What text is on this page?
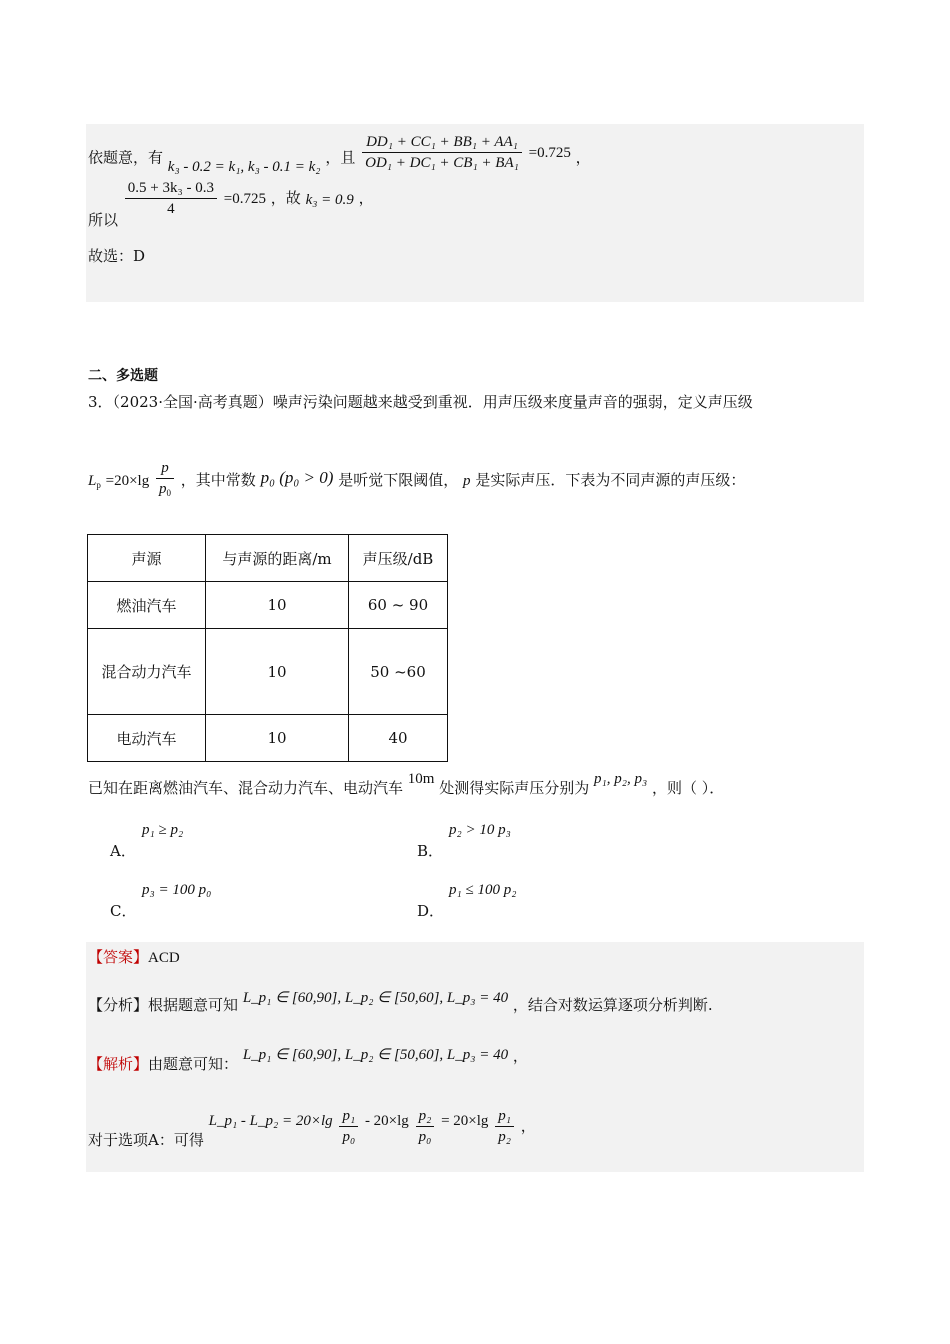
依题意，有 k₃ - 0.2 = k₁, k₃ - 0.1 = k₂ ，且 $\frac{\text{DD₁ + CC₁ + BB₁ + AA₁}}{\text{OD₁ + DC₁ + CB₁ + BA₁}} =0.725$ ，
所以
$\frac{\text{0.5 + 3k₃ - 0.3}}{4} =0.725$ ，故 k₃ = 0.9 ，
故选：D
二、多选题
3．（2023·全国·高考真题）噪声污染问题越来越受到重视．用声压级来度量声音的强弱，定义声压级
$L_p =20\times\lg \frac{p}{p_0}$ ，其中常数 p₀ (p₀ > 0) 是听觉下限阈值， p 是实际声压．下表为不同声源的声压级：
声源	与声源的距离/m	声压级/dB
燃油汽车	10	60 ~ 90
混合动力汽车	10	50 ~60
电动汽车	10	40
已知在距离燃油汽车、混合动力汽车、电动汽车 10m 处测得实际声压分别为 p₁, p₂, p₃ ，则（ ）．
A．
p₁ ≥ p₂
B．
p₂ > 10 p₃
C．
p₃ = 100 p₀
D．
p₁ ≤ 100 p₂
【答案】ACD
【分析】根据题意可知 L_p₁ ∈ [60,90], L_p₂ ∈ [50,60], L_p₃ = 40 ，结合对数运算逐项分析判断.
【解析】由题意可知： L_p₁ ∈ [60,90], L_p₂ ∈ [50,60], L_p₃ = 40 ，
对于选项A：可得 L_p₁ - L_p₂ = $20\times\lg \frac{\text{p₁}}{\text{p₀}} - 20\times\lg \frac{\text{p₂}}{\text{p₀}} = 20\times\lg \frac{\text{p₁}}{\text{p₂}}$ ，
